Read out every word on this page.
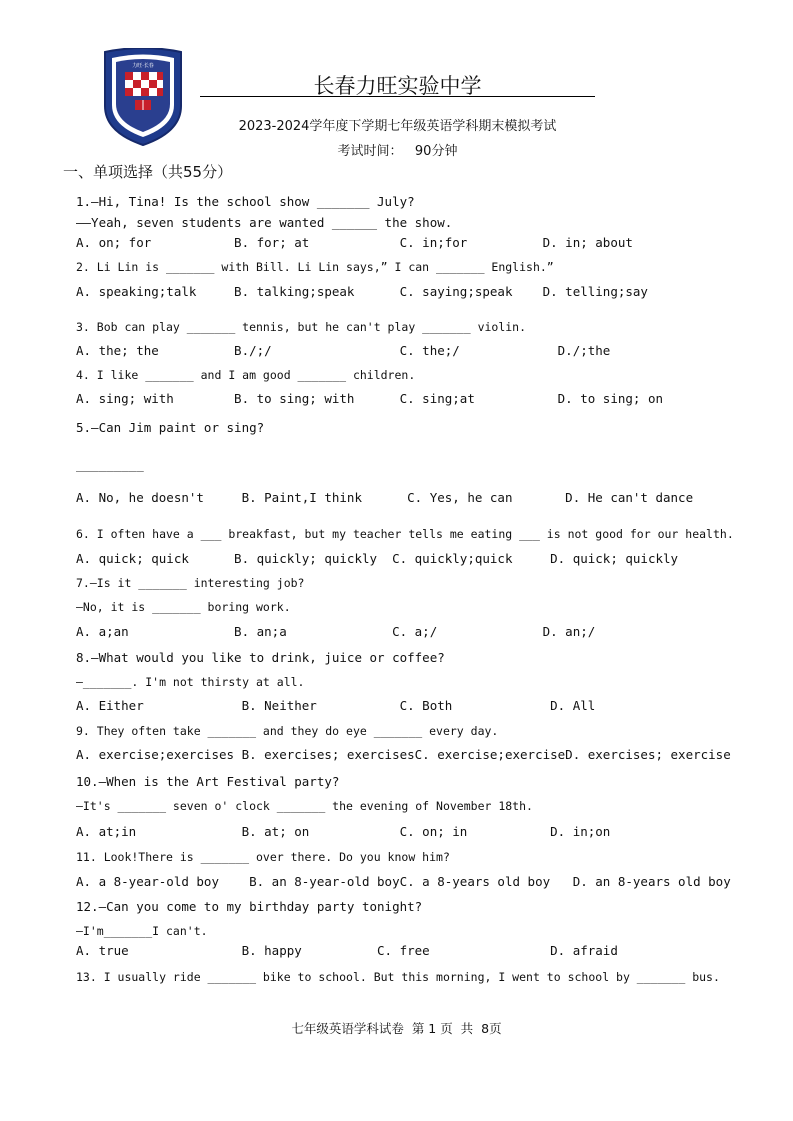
力旺·长春
长春力旺实验中学
2023-2024学年度下学期七年级英语学科期末模拟考试
考试时间：   90分钟
一、单项选择（共55分）
1.—Hi, Tina! Is the school show _______ July?
——Yeah, seven students are wanted ______ the show.
A. on; for           B. for; at            C. in;for          D. in; about
2. Li Lin is _______ with Bill. Li Lin says,” I can _______ English.”
A. speaking;talk     B. talking;speak      C. saying;speak    D. telling;say
3. Bob can play _______ tennis, but he can't play _______ violin.
A. the; the          B./;/                 C. the;/             D./;the
4. I like _______ and I am good _______ children.
A. sing; with        B. to sing; with      C. sing;at           D. to sing; on
5.—Can Jim paint or sing?
_________
A. No, he doesn't     B. Paint,I think      C. Yes, he can       D. He can't dance
6. I often have a ___ breakfast, but my teacher tells me eating ___ is not good for our health.
A. quick; quick      B. quickly; quickly  C. quickly;quick     D. quick; quickly
7.—Is it _______ interesting job?
—No, it is _______ boring work.
A. a;an              B. an;a              C. a;/              D. an;/
8.—What would you like to drink, juice or coffee?
—_______. I'm not thirsty at all.
A. Either             B. Neither           C. Both             D. All
9. They often take _______ and they do eye _______ every day.
A. exercise;exercises B. exercises; exercisesC. exercise;exerciseD. exercises; exercise
10.—When is the Art Festival party?
—It's _______ seven o' clock _______ the evening of November 18th.
A. at;in              B. at; on            C. on; in           D. in;on
11. Look!There is _______ over there. Do you know him?
A. a 8-year-old boy    B. an 8-year-old boyC. a 8-years old boy   D. an 8-years old boy
12.—Can you come to my birthday party tonight?
—I'm_______I can't.
A. true               B. happy          C. free                D. afraid
13. I usually ride _______ bike to school. But this morning, I went to school by _______ bus.
七年级英语学科试卷  第 1 页  共  8页
